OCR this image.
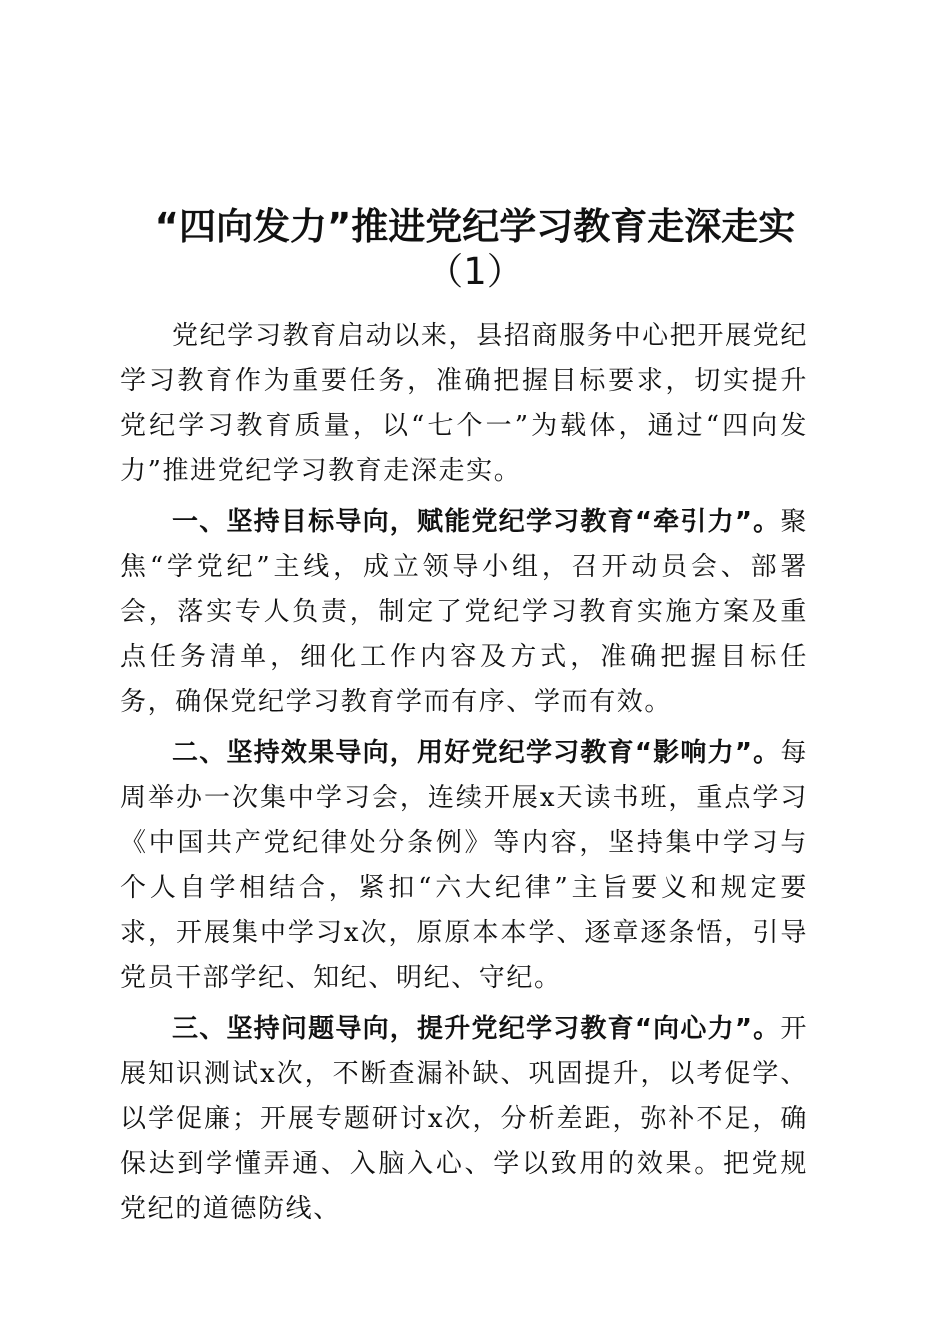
“四向发力”推进党纪学习教育走深走实
（1）

党纪学习教育启动以来，县招商服务中心把开展党纪学习教育作为重要任务，准确把握目标要求，切实提升党纪学习教育质量，以“七个一”为载体，通过“四向发力”推进党纪学习教育走深走实。

一、坚持目标导向，赋能党纪学习教育“牵引力”。聚焦“学党纪”主线，成立领导小组，召开动员会、部署会，落实专人负责，制定了党纪学习教育实施方案及重点任务清单，细化工作内容及方式，准确把握目标任务，确保党纪学习教育学而有序、学而有效。

二、坚持效果导向，用好党纪学习教育“影响力”。每周举办一次集中学习会，连续开展x天读书班，重点学习《中国共产党纪律处分条例》等内容，坚持集中学习与个人自学相结合，紧扣“六大纪律”主旨要义和规定要求，开展集中学习x次，原原本本学、逐章逐条悟，引导党员干部学纪、知纪、明纪、守纪。

三、坚持问题导向，提升党纪学习教育“向心力”。开展知识测试x次，不断查漏补缺、巩固提升，以考促学、以学促廉；开展专题研讨x次，分析差距，弥补不足，确保达到学懂弄通、入脑入心、学以致用的效果。把党规党纪的道德防线、
